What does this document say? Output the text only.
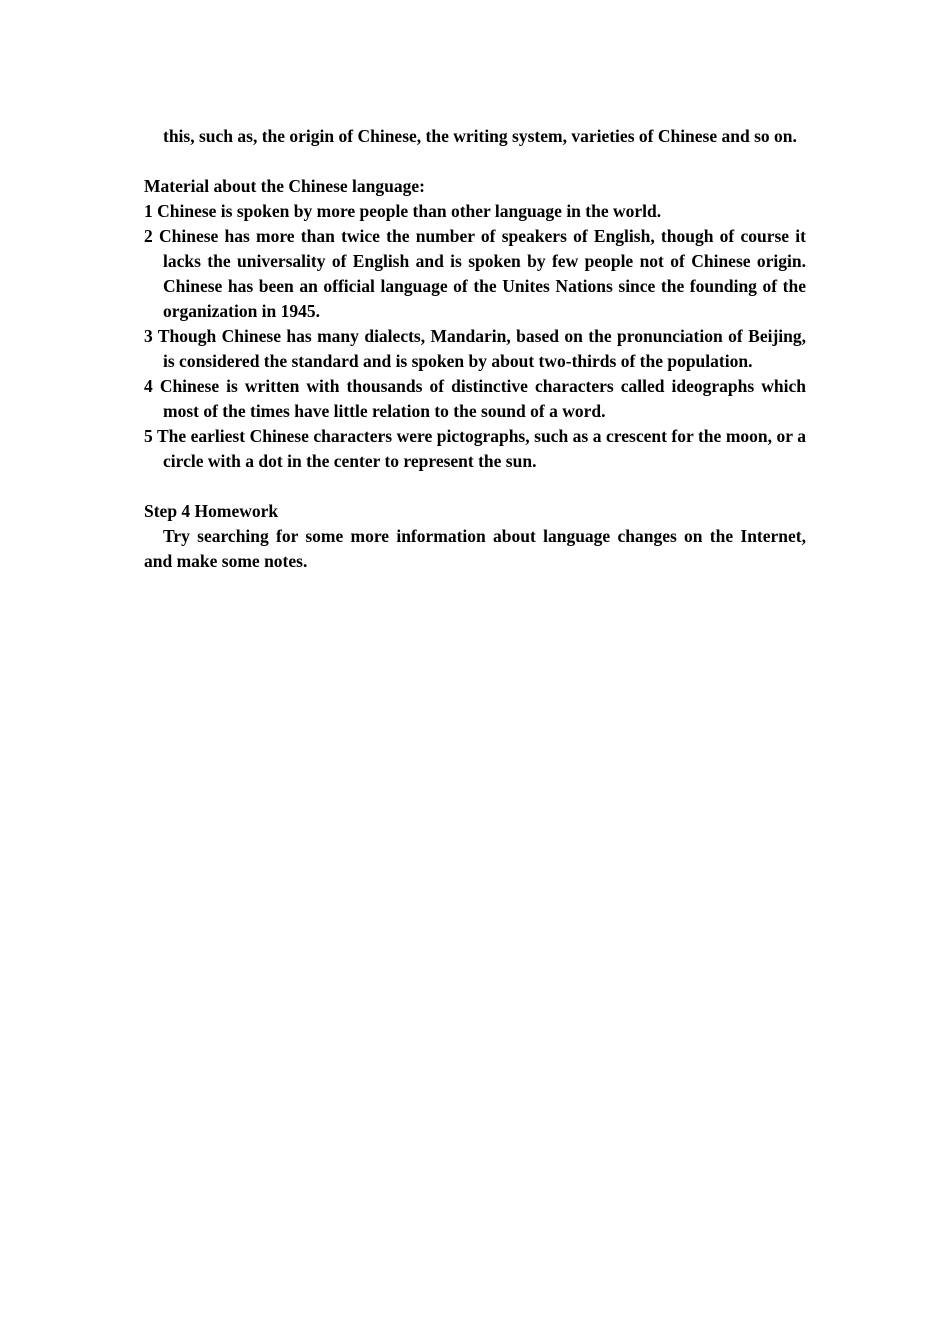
this, such as, the origin of Chinese, the writing system, varieties of Chinese and so on.

Material about the Chinese language:

1 Chinese is spoken by more people than other language in the world.

2 Chinese has more than twice the number of speakers of English, though of course it lacks the universality of English and is spoken by few people not of Chinese origin. Chinese has been an official language of the Unites Nations since the founding of the organization in 1945.

3 Though Chinese has many dialects, Mandarin, based on the pronunciation of Beijing, is considered the standard and is spoken by about two-thirds of the population.

4 Chinese is written with thousands of distinctive characters called ideographs which most of the times have little relation to the sound of a word.

5 The earliest Chinese characters were pictographs, such as a crescent for the moon, or a circle with a dot in the center to represent the sun.

Step 4 Homework

Try searching for some more information about language changes on the Internet, and make some notes.
